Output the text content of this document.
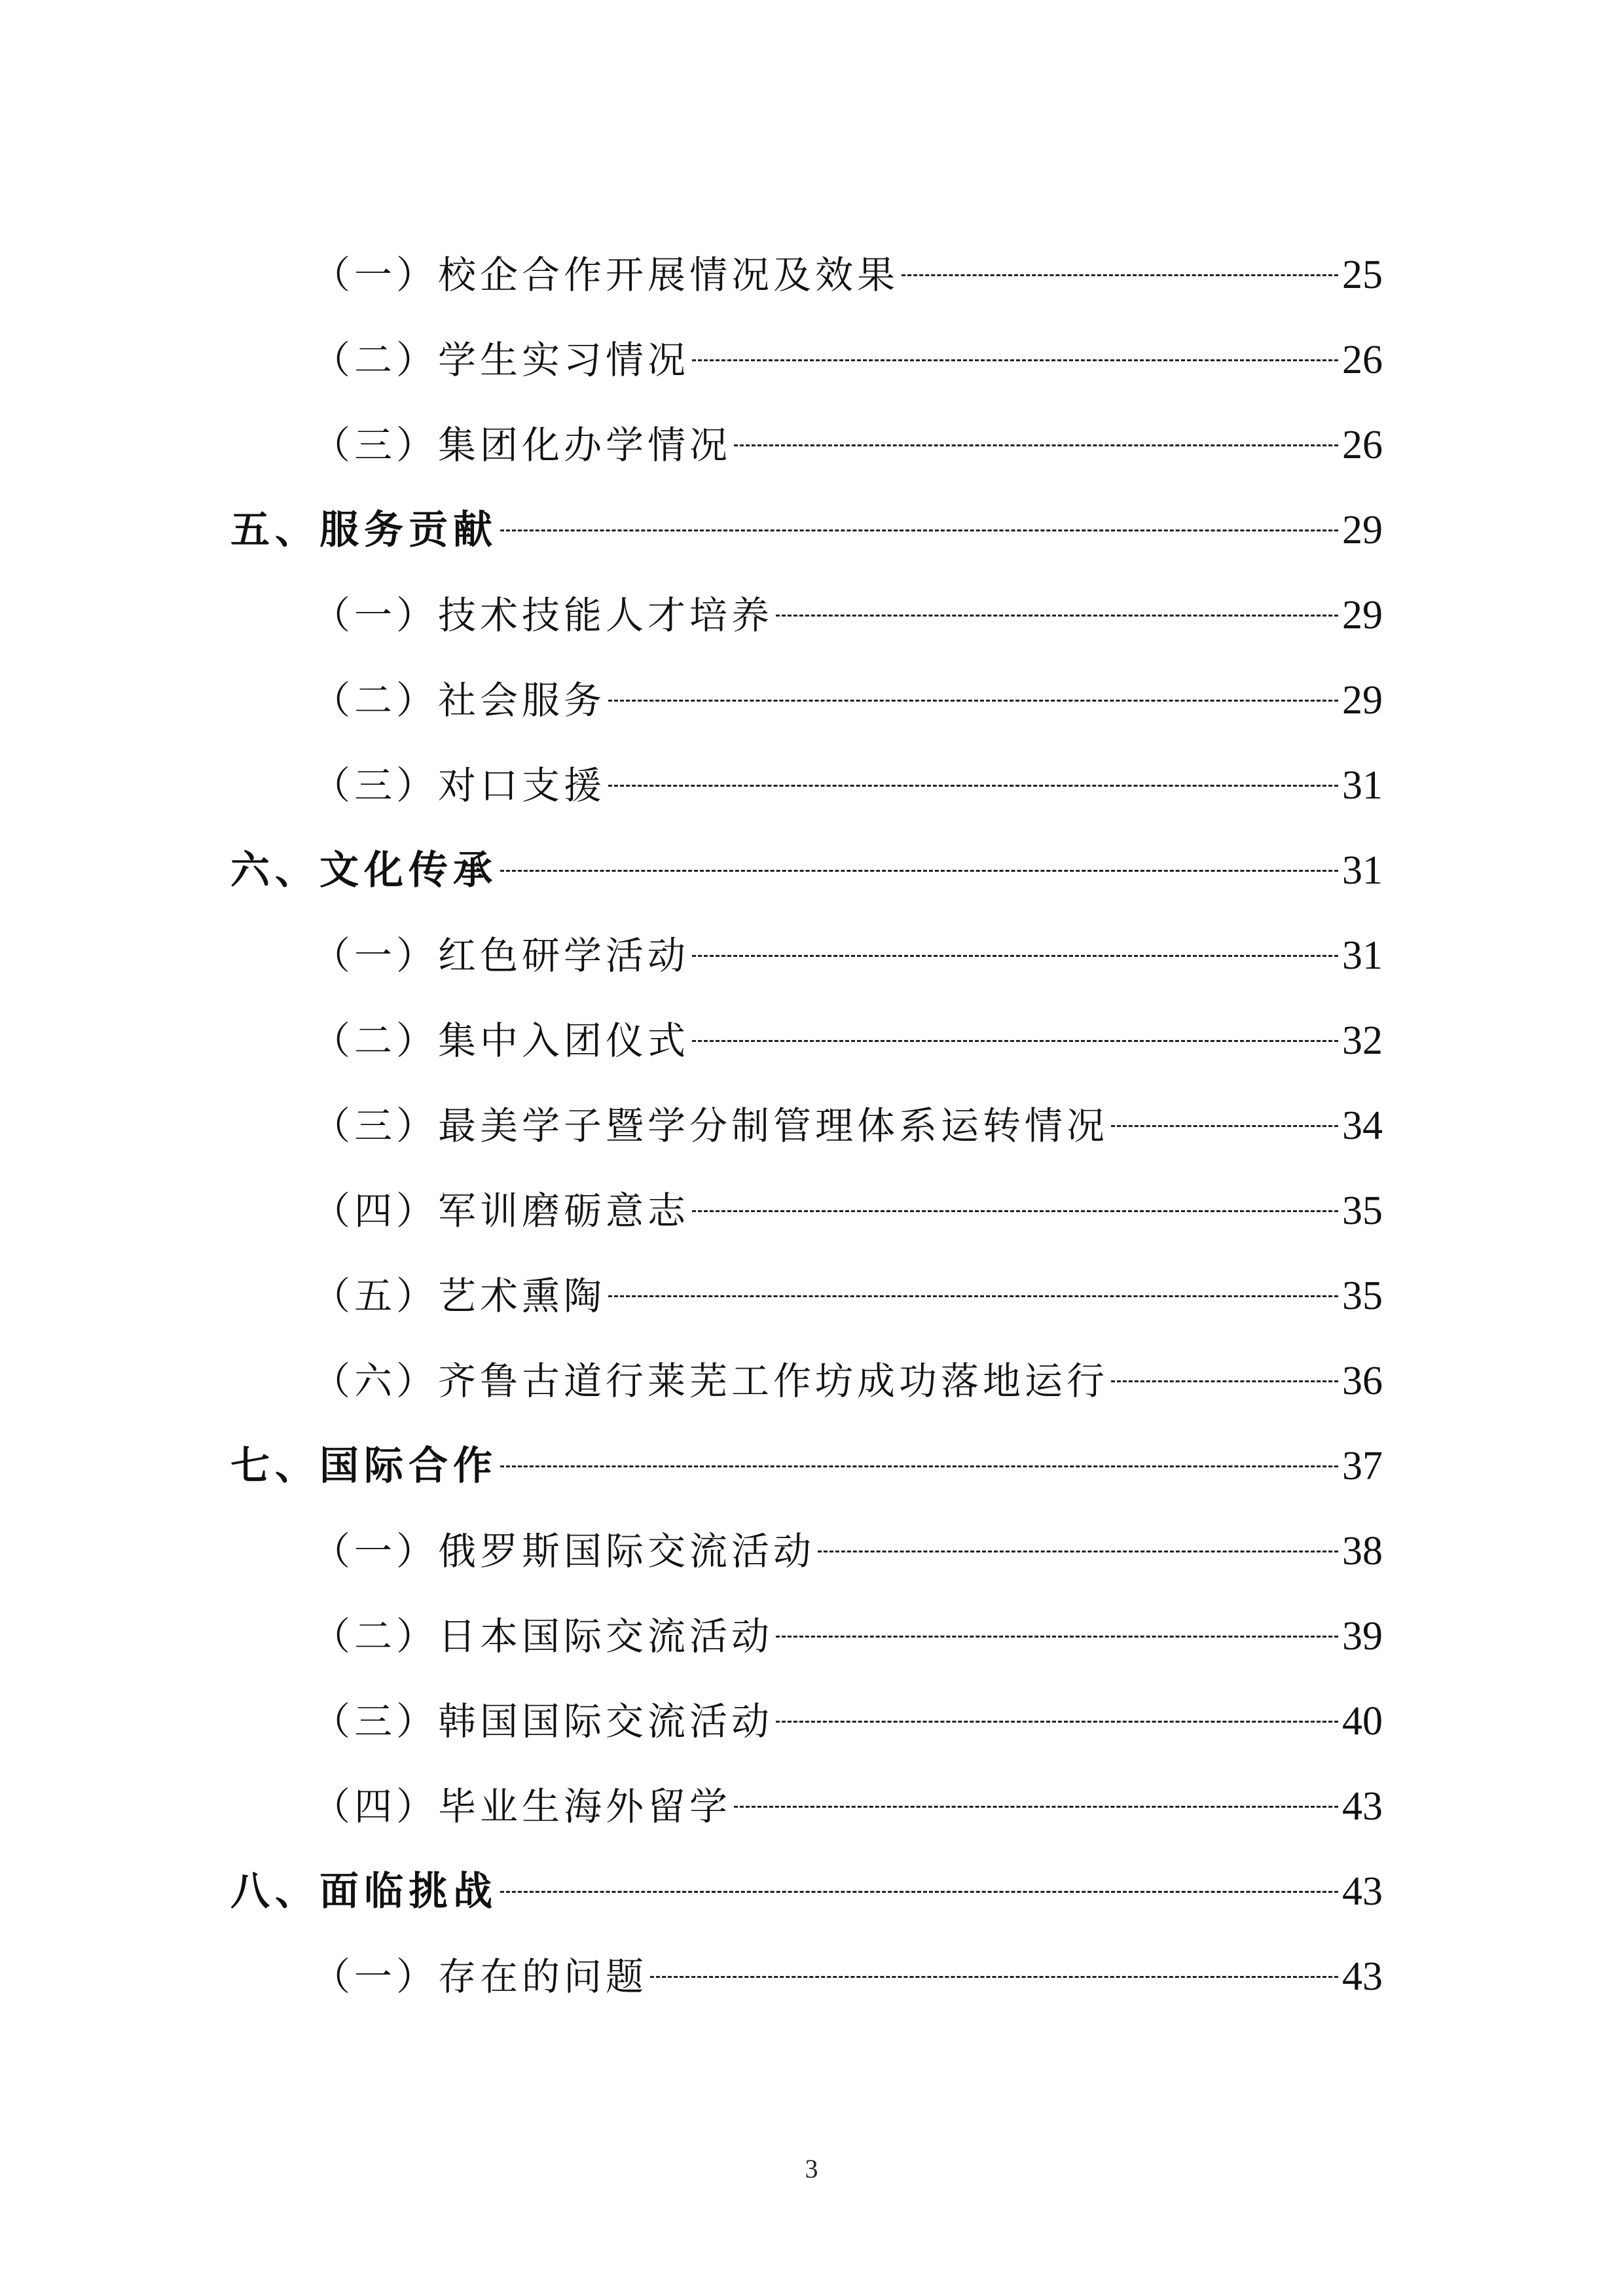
（一）校企合作开展情况及效果	25
（二）学生实习情况	26
（三）集团化办学情况	26
五、服务贡献	29
（一）技术技能人才培养	29
（二）社会服务	29
（三）对口支援	31
六、文化传承	31
（一）红色研学活动	31
（二）集中入团仪式	32
（三）最美学子暨学分制管理体系运转情况	34
（四）军训磨砺意志	35
（五）艺术熏陶	35
（六）齐鲁古道行莱芜工作坊成功落地运行	36
七、国际合作	37
（一）俄罗斯国际交流活动	38
（二）日本国际交流活动	39
（三）韩国国际交流活动	40
（四）毕业生海外留学	43
八、面临挑战	43
（一）存在的问题	43
3
